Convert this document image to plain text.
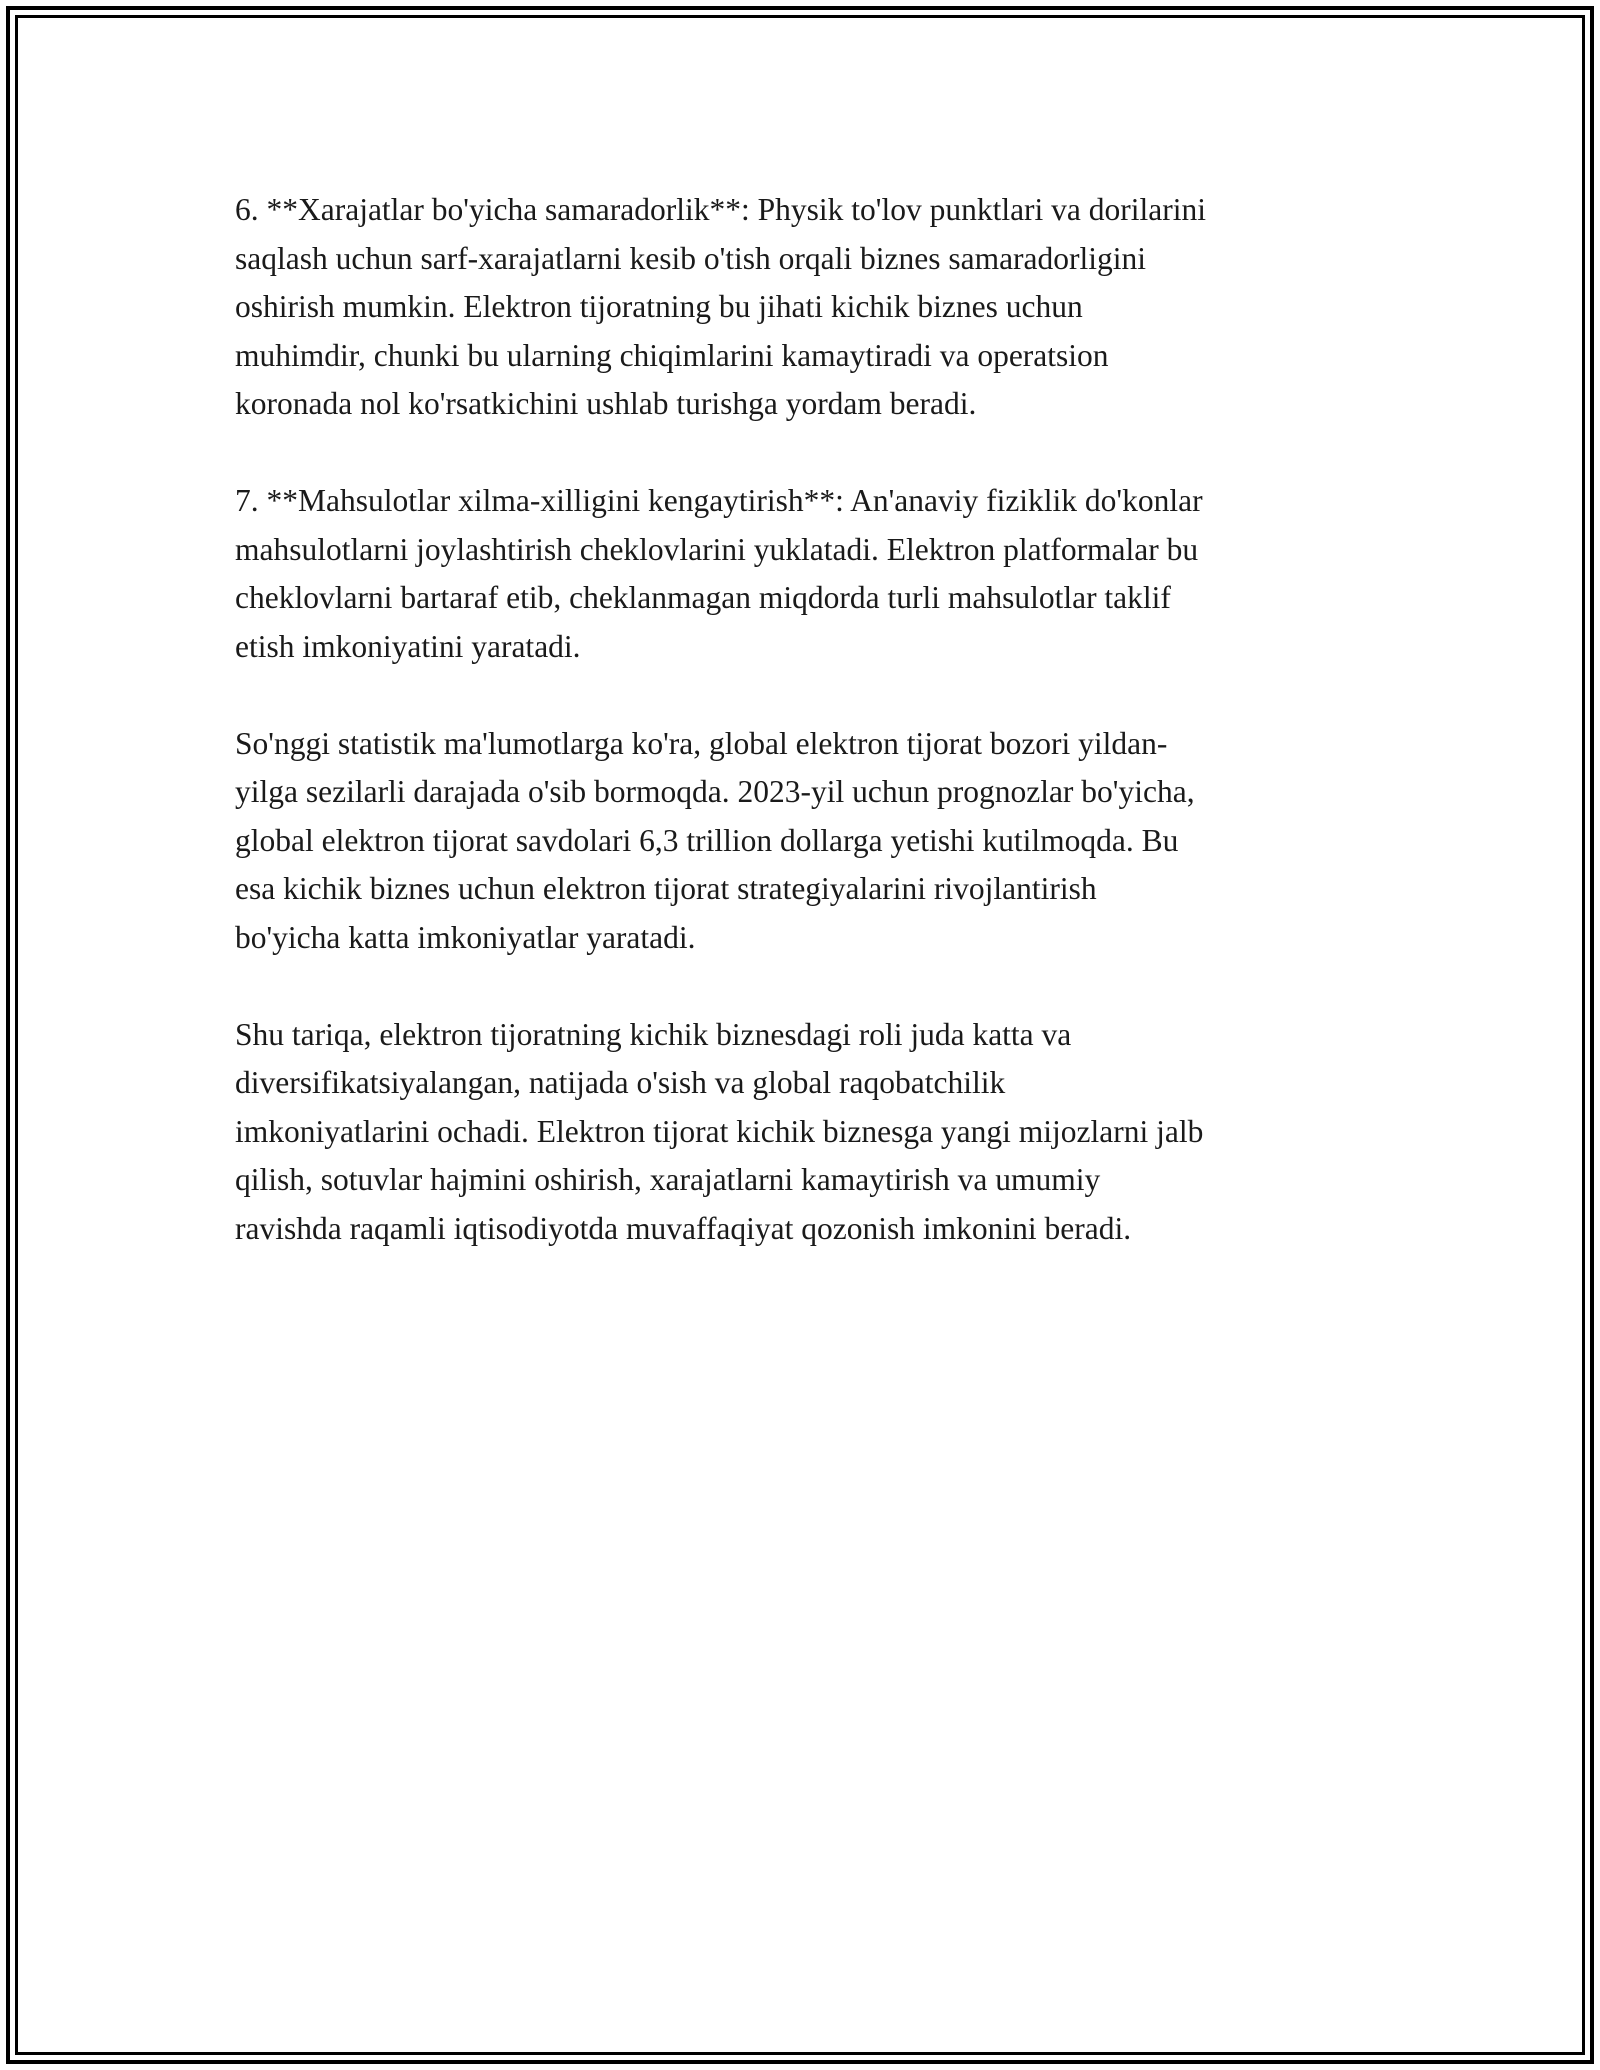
6. **Xarajatlar bo'yicha samaradorlik**: Physik to'lov punktlari va dorilarini
saqlash uchun sarf-xarajatlarni kesib o'tish orqali biznes samaradorligini
oshirish mumkin. Elektron tijoratning bu jihati kichik biznes uchun
muhimdir, chunki bu ularning chiqimlarini kamaytiradi va operatsion
koronada nol ko'rsatkichini ushlab turishga yordam beradi.

7. **Mahsulotlar xilma-xilligini kengaytirish**: An'anaviy fiziklik do'konlar
mahsulotlarni joylashtirish cheklovlarini yuklatadi. Elektron platformalar bu
cheklovlarni bartaraf etib, cheklanmagan miqdorda turli mahsulotlar taklif
etish imkoniyatini yaratadi.

So'nggi statistik ma'lumotlarga ko'ra, global elektron tijorat bozori yildan-
yilga sezilarli darajada o'sib bormoqda. 2023-yil uchun prognozlar bo'yicha,
global elektron tijorat savdolari 6,3 trillion dollarga yetishi kutilmoqda. Bu
esa kichik biznes uchun elektron tijorat strategiyalarini rivojlantirish
bo'yicha katta imkoniyatlar yaratadi.

Shu tariqa, elektron tijoratning kichik biznesdagi roli juda katta va
diversifikatsiyalangan, natijada o'sish va global raqobatchilik
imkoniyatlarini ochadi. Elektron tijorat kichik biznesga yangi mijozlarni jalb
qilish, sotuvlar hajmini oshirish, xarajatlarni kamaytirish va umumiy
ravishda raqamli iqtisodiyotda muvaffaqiyat qozonish imkonini beradi.
